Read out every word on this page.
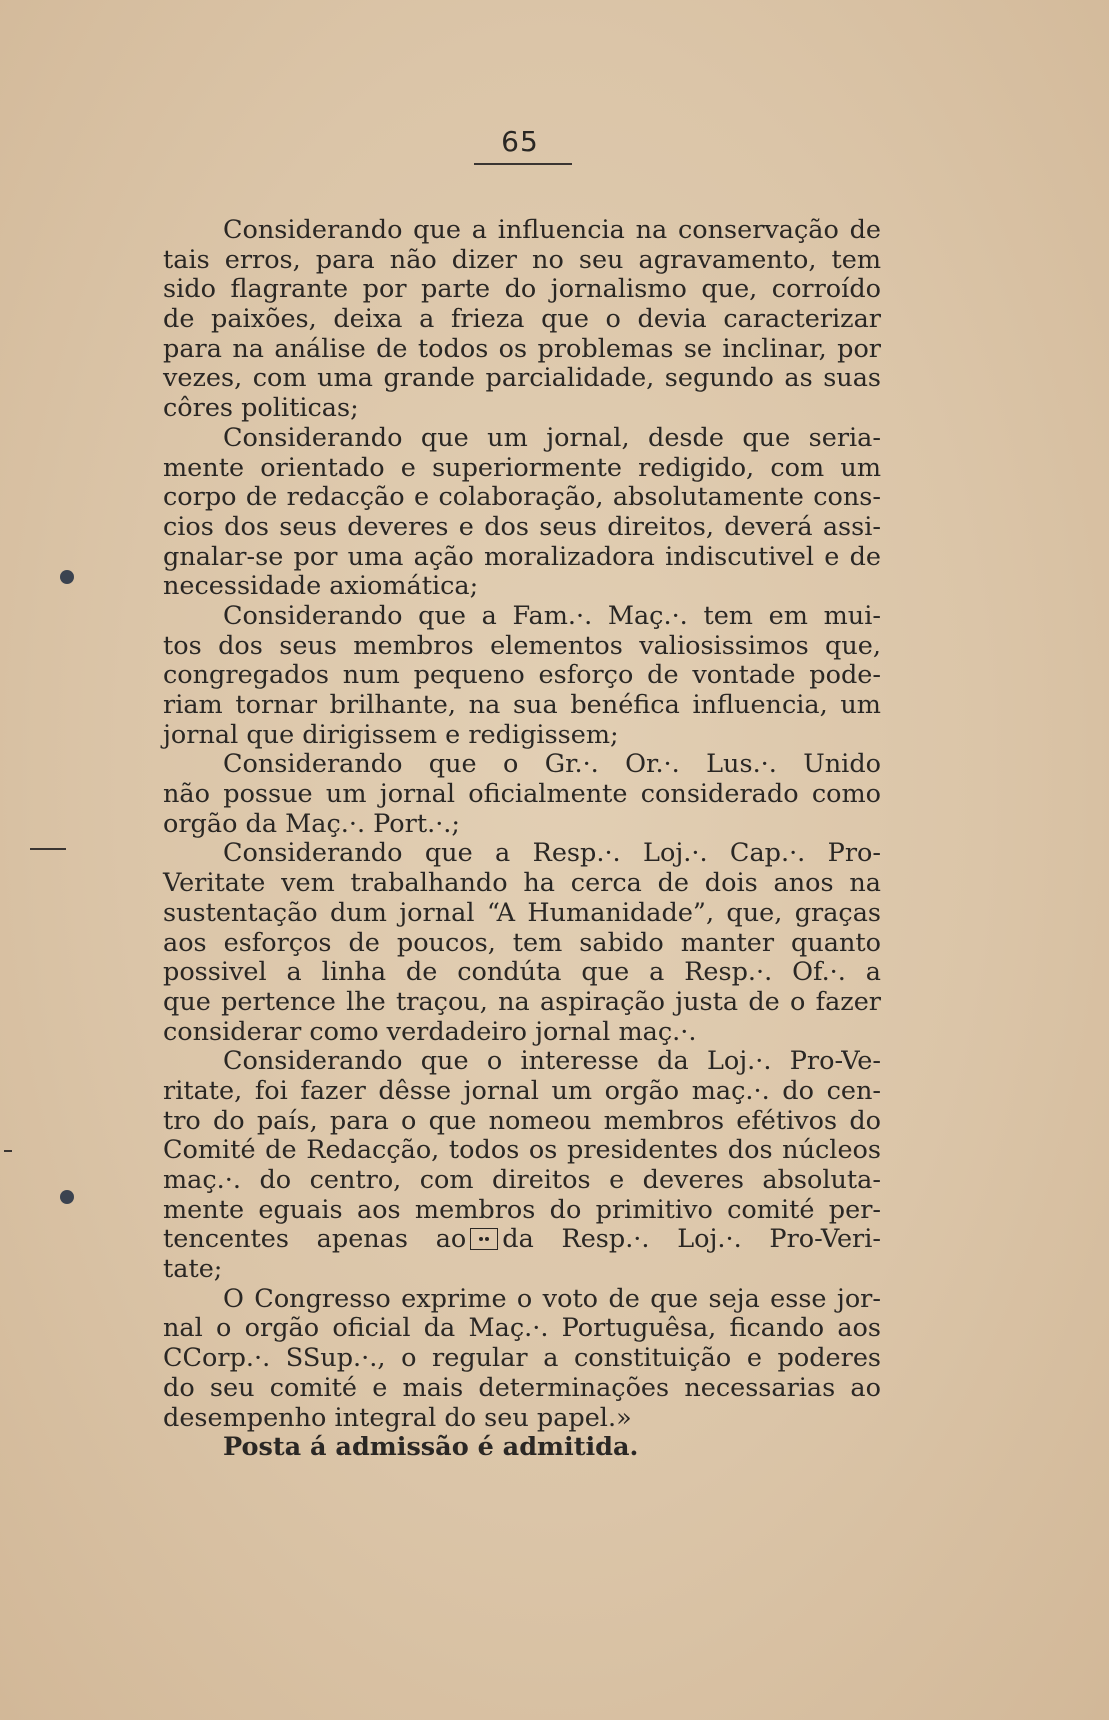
65
Considerando que a influencia na conservação de
tais erros, para não dizer no seu agravamento, tem
sido flagrante por parte do jornalismo que, corroído
de paixões, deixa a frieza que o devia caracterizar
para na análise de todos os problemas se inclinar, por
vezes, com uma grande parcialidade, segundo as suas
côres politicas;
Considerando que um jornal, desde que seria-
mente orientado e superiormente redigido, com um
corpo de redacção e colaboração, absolutamente cons-
cios dos seus deveres e dos seus direitos, deverá assi-
gnalar-se por uma ação moralizadora indiscutivel e de
necessidade axiomática;
Considerando que a Fam.·. Maç.·. tem em mui-
tos dos seus membros elementos valiosissimos que,
congregados num pequeno esforço de vontade pode-
riam tornar brilhante, na sua benéfica influencia, um
jornal que dirigissem e redigissem;
Considerando que o Gr.·. Or.·. Lus.·. Unido
não possue um jornal oficialmente considerado como
orgão da Maç.·. Port.·.;
Considerando que a Resp.·. Loj.·. Cap.·. Pro-
Veritate vem trabalhando ha cerca de dois anos na
sustentação dum jornal “A Humanidade”, que, graças
aos esforços de poucos, tem sabido manter quanto
possivel a linha de condúta que a Resp.·. Of.·. a
que pertence lhe traçou, na aspiração justa de o fazer
considerar como verdadeiro jornal maç.·.
Considerando que o interesse da Loj.·. Pro-Ve-
ritate, foi fazer dêsse jornal um orgão maç.·. do cen-
tro do país, para o que nomeou membros efétivos do
Comité de Redacção, todos os presidentes dos núcleos
maç.·. do centro, com direitos e deveres absoluta-
mente eguais aos membros do primitivo comité per-
tencentes apenas ao da Resp.·. Loj.·. Pro-Veri-
tate;
O Congresso exprime o voto de que seja esse jor-
nal o orgão oficial da Maç.·. Portuguêsa, ficando aos
CCorp.·. SSup.·., o regular a constituição e poderes
do seu comité e mais determinações necessarias ao
desempenho integral do seu papel.»
Posta á admissão é admitida.
